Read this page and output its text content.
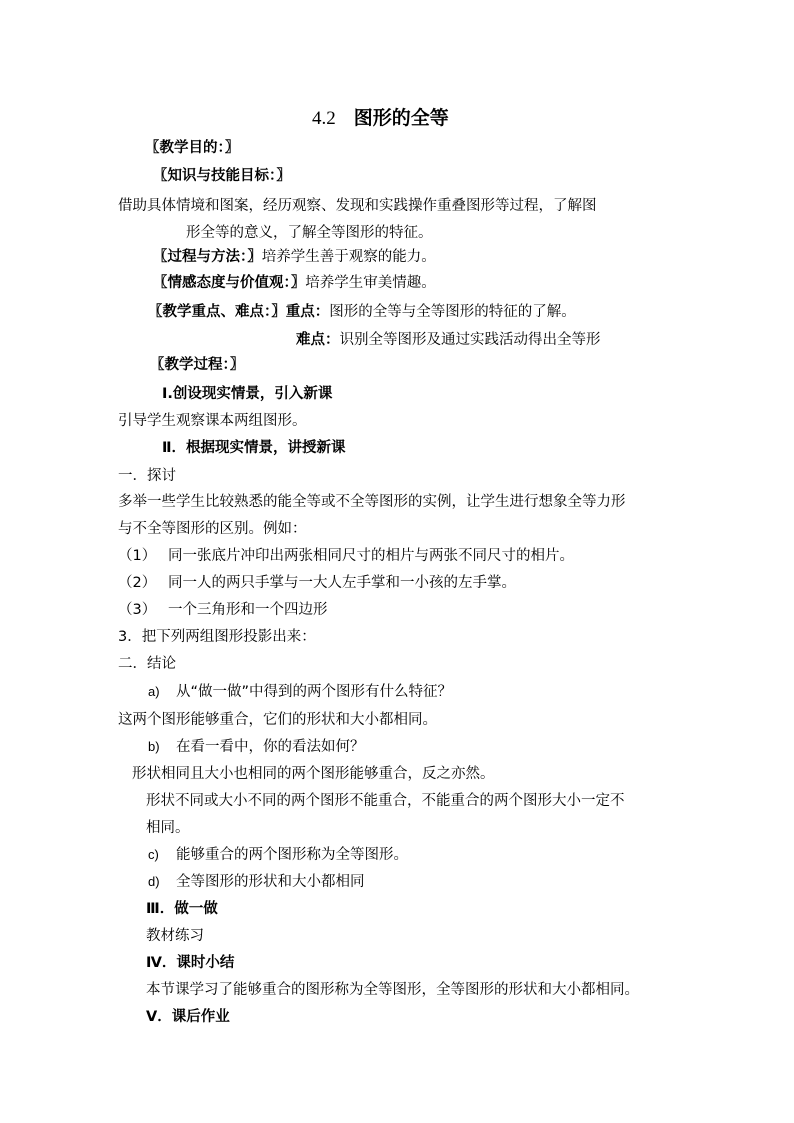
4.2 图形的全等
〖教学目的：〗
〖知识与技能目标：〗
借助具体情境和图案，经历观察、发现和实践操作重叠图形等过程，了解图
形全等的意义，了解全等图形的特征。
〖过程与方法：〗培养学生善于观察的能力。
〖情感态度与价值观：〗培养学生审美情趣。
〖教学重点、难点：〗重点：图形的全等与全等图形的特征的了解。
难点：识别全等图形及通过实践活动得出全等形
〖教学过程：〗
Ⅰ.创设现实情景，引入新课
引导学生观察课本两组图形。
Ⅱ．根据现实情景，讲授新课
一．探讨
多举一些学生比较熟悉的能全等或不全等图形的实例，让学生进行想象全等力形
与不全等图形的区别。例如：
（1） 同一张底片冲印出两张相同尺寸的相片与两张不同尺寸的相片。
（2） 同一人的两只手掌与一大人左手掌和一小孩的左手掌。
（3） 一个三角形和一个四边形
3．把下列两组图形投影出来：
二．结论
a) 从“做一做”中得到的两个图形有什么特征？
这两个图形能够重合，它们的形状和大小都相同。
b) 在看一看中，你的看法如何？
形状相同且大小也相同的两个图形能够重合，反之亦然。
形状不同或大小不同的两个图形不能重合，不能重合的两个图形大小一定不
相同。
c) 能够重合的两个图形称为全等图形。
d) 全等图形的形状和大小都相同
Ⅲ．做一做
教材练习
Ⅳ．课时小结
本节课学习了能够重合的图形称为全等图形，全等图形的形状和大小都相同。
Ⅴ．课后作业
